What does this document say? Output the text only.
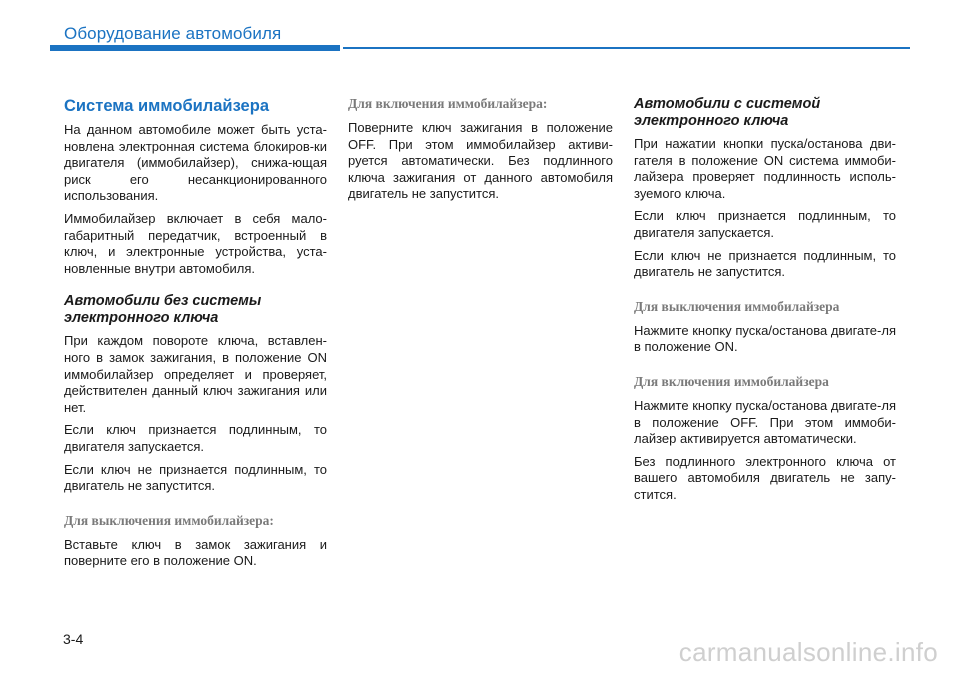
Оборудование автомобиля
Система иммобилайзера

На данном автомобиле может быть уста-новлена электронная система блокиров-ки двигателя (иммобилайзер), снижа-ющая риск его несанкционированного использования.

Иммобилайзер включает в себя мало-габаритный передатчик, встроенный в ключ, и электронные устройства, уста-новленные внутри автомобиля.

Автомобили без системы электронного ключа

При каждом повороте ключа, вставлен-ного в замок зажигания, в положение ON иммобилайзер определяет и проверяет, действителен данный ключ зажигания или нет.

Если ключ признается подлинным, то двигателя запускается.

Если ключ не признается подлинным, то двигатель не запустится.

Для выключения иммобилайзера:

Вставьте ключ в замок зажигания и поверните его в положение ON.

Для включения иммобилайзера:

Поверните ключ зажигания в положение OFF. При этом иммобилайзер активи-руется автоматически. Без подлинного ключа зажигания от данного автомобиля двигатель не запустится.

Автомобили с системой электронного ключа

При нажатии кнопки пуска/останова дви-гателя в положение ON система иммоби-лайзера проверяет подлинность исполь-зуемого ключа.

Если ключ признается подлинным, то двигателя запускается.

Если ключ не признается подлинным, то двигатель не запустится.

Для выключения иммобилайзера

Нажмите кнопку пуска/останова двигате-ля в положение ON.

Для включения иммобилайзера

Нажмите кнопку пуска/останова двигате-ля в положение OFF. При этом иммоби-лайзер активируется автоматически.

Без подлинного электронного ключа от вашего автомобиля двигатель не запу-стится.

3-4	carmanualsonline.info
